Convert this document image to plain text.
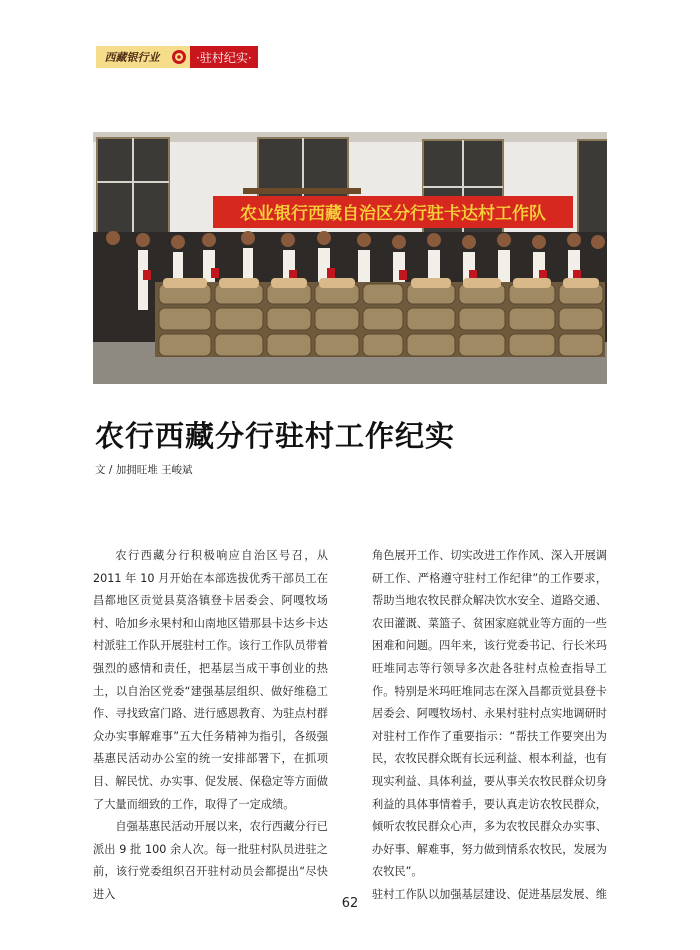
西藏银行业	·驻村纪实·
农业银行西藏自治区分行驻卡达村工作队
农行西藏分行驻村工作纪实
文 / 加拥旺堆 王峻斌

农行西藏分行积极响应自治区号召，从 2011 年 10 月开始在本部选拔优秀干部员工在昌都地区贡觉县莫洛镇登卡居委会、阿嘎牧场村、哈加乡永果村和山南地区错那县卡达乡卡达村派驻工作队开展驻村工作。该行工作队员带着强烈的感情和责任，把基层当成干事创业的热土，以自治区党委“建强基层组织、做好维稳工作、寻找致富门路、进行感恩教育、为驻点村群众办实事解难事”五大任务精神为指引，各级强基惠民活动办公室的统一安排部署下，在抓项目、解民忧、办实事、促发展、保稳定等方面做了大量而细致的工作，取得了一定成绩。

自强基惠民活动开展以来，农行西藏分行已派出 9 批 100 余人次。每一批驻村队员进驻之前，该行党委组织召开驻村动员会都提出“尽快进入

角色展开工作、切实改进工作作风、深入开展调研工作、严格遵守驻村工作纪律”的工作要求，帮助当地农牧民群众解决饮水安全、道路交通、农田灌溉、菜篮子、贫困家庭就业等方面的一些困难和问题。四年来，该行党委书记、行长米玛旺堆同志等行领导多次赴各驻村点检查指导工作。特别是米玛旺堆同志在深入昌都贡觉县登卡居委会、阿嘎牧场村、永果村驻村点实地调研时对驻村工作作了重要指示：“帮扶工作要突出为民，农牧民群众既有长远利益、根本利益，也有现实利益、具体利益，要从事关农牧民群众切身利益的具体事情着手，要认真走访农牧民群众，倾听农牧民群众心声，多为农牧民群众办实事、办好事、解难事，努力做到情系农牧民，发展为农牧民”。

驻村工作队以加强基层建设、促进基层发展、维

62
